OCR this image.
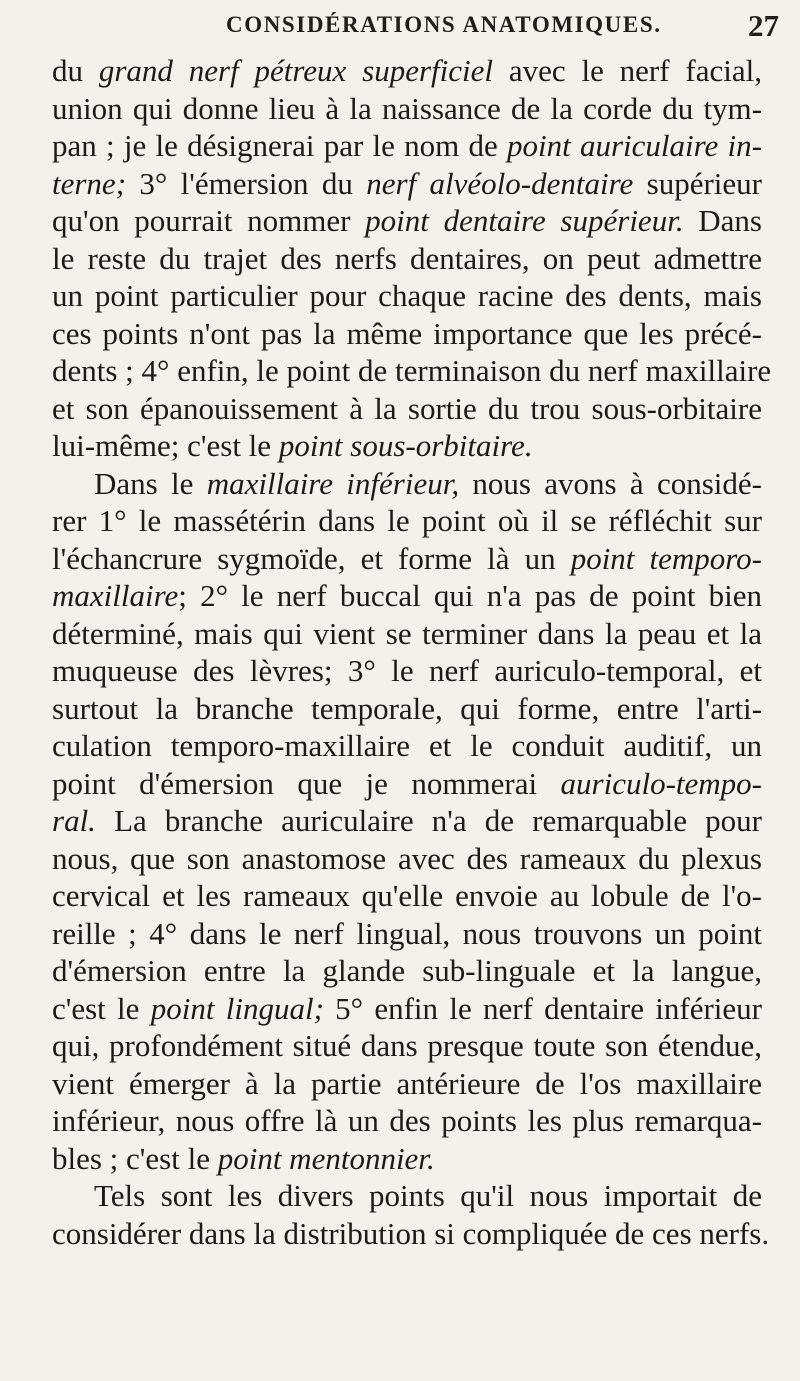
CONSIDÉRATIONS ANATOMIQUES.	27
du grand nerf pétreux superficiel avec le nerf facial,
union qui donne lieu à la naissance de la corde du tym-
pan ; je le désignerai par le nom de point auriculaire in-
terne; 3° l'émersion du nerf alvéolo-dentaire supérieur
qu'on pourrait nommer point dentaire supérieur. Dans
le reste du trajet des nerfs dentaires, on peut admettre
un point particulier pour chaque racine des dents, mais
ces points n'ont pas la même importance que les précé-
dents ; 4° enfin, le point de terminaison du nerf maxillaire
et son épanouissement à la sortie du trou sous-orbitaire
lui-même; c'est le point sous-orbitaire.
Dans le maxillaire inférieur, nous avons à considé-
rer 1° le massétérin dans le point où il se réfléchit sur
l'échancrure sygmoïde, et forme là un point temporo-
maxillaire; 2° le nerf buccal qui n'a pas de point bien
déterminé, mais qui vient se terminer dans la peau et la
muqueuse des lèvres; 3° le nerf auriculo-temporal, et
surtout la branche temporale, qui forme, entre l'arti-
culation temporo-maxillaire et le conduit auditif, un
point d'émersion que je nommerai auriculo-tempo-
ral. La branche auriculaire n'a de remarquable pour
nous, que son anastomose avec des rameaux du plexus
cervical et les rameaux qu'elle envoie au lobule de l'o-
reille ; 4° dans le nerf lingual, nous trouvons un point
d'émersion entre la glande sub-linguale et la langue,
c'est le point lingual; 5° enfin le nerf dentaire inférieur
qui, profondément situé dans presque toute son étendue,
vient émerger à la partie antérieure de l'os maxillaire
inférieur, nous offre là un des points les plus remarqua-
bles ; c'est le point mentonnier.
Tels sont les divers points qu'il nous importait de
considérer dans la distribution si compliquée de ces nerfs.
